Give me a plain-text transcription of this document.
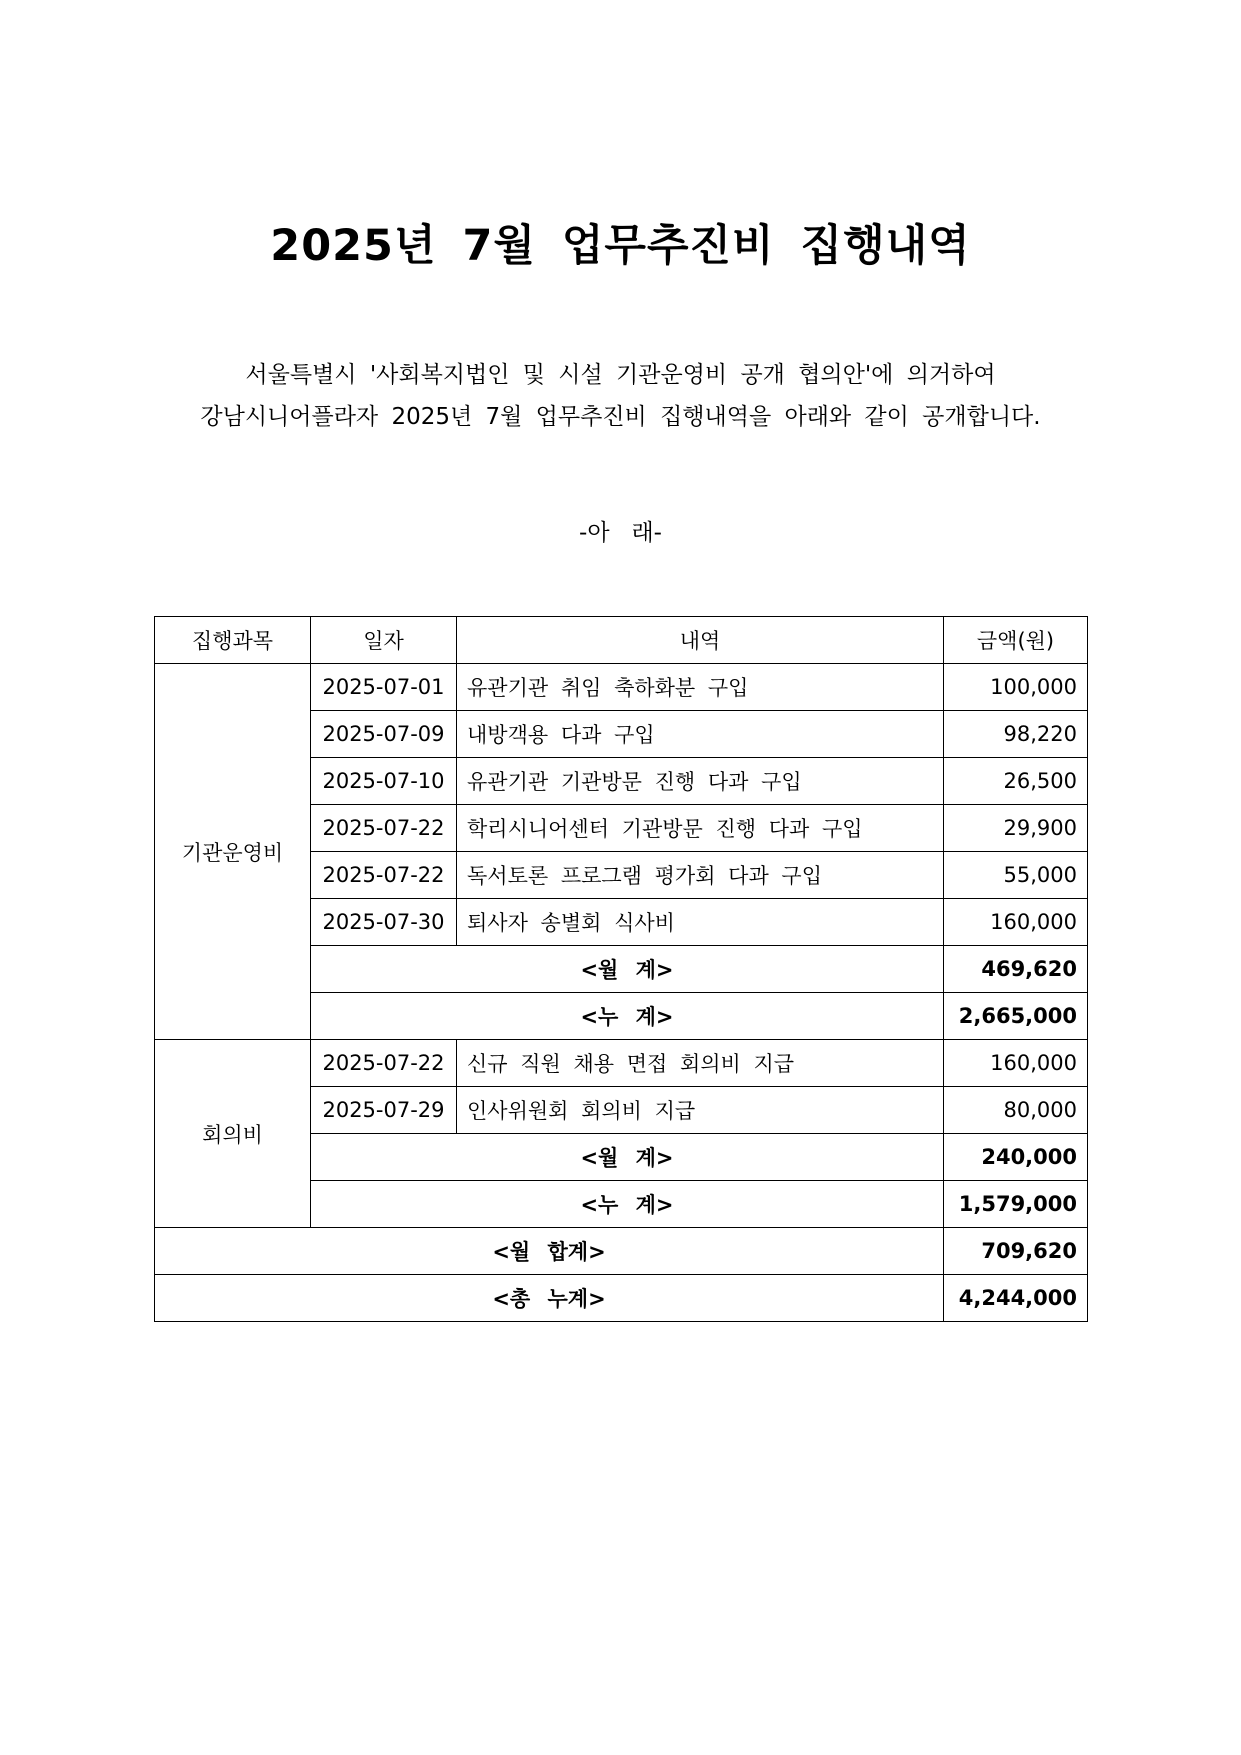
2025년 7월 업무추진비 집행내역
서울특별시 '사회복지법인 및 시설 기관운영비 공개 협의안'에 의거하여
강남시니어플라자 2025년 7월 업무추진비 집행내역을 아래와 같이 공개합니다.
-아   래-
집행과목	일자	내역	금액(원)
기관운영비	2025-07-01	유관기관 취임 축하화분 구입	100,000
	2025-07-09	내방객용 다과 구입	98,220
	2025-07-10	유관기관 기관방문 진행 다과 구입	26,500
	2025-07-22	학리시니어센터 기관방문 진행 다과 구입	29,900
	2025-07-22	독서토론 프로그램 평가회 다과 구입	55,000
	2025-07-30	퇴사자 송별회 식사비	160,000
	<월 계>		469,620
	<누 계>		2,665,000
회의비	2025-07-22	신규 직원 채용 면접 회의비 지급	160,000
	2025-07-29	인사위원회 회의비 지급	80,000
	<월 계>		240,000
	<누 계>		1,579,000
<월 합계>			709,620
<총 누계>			4,244,000
